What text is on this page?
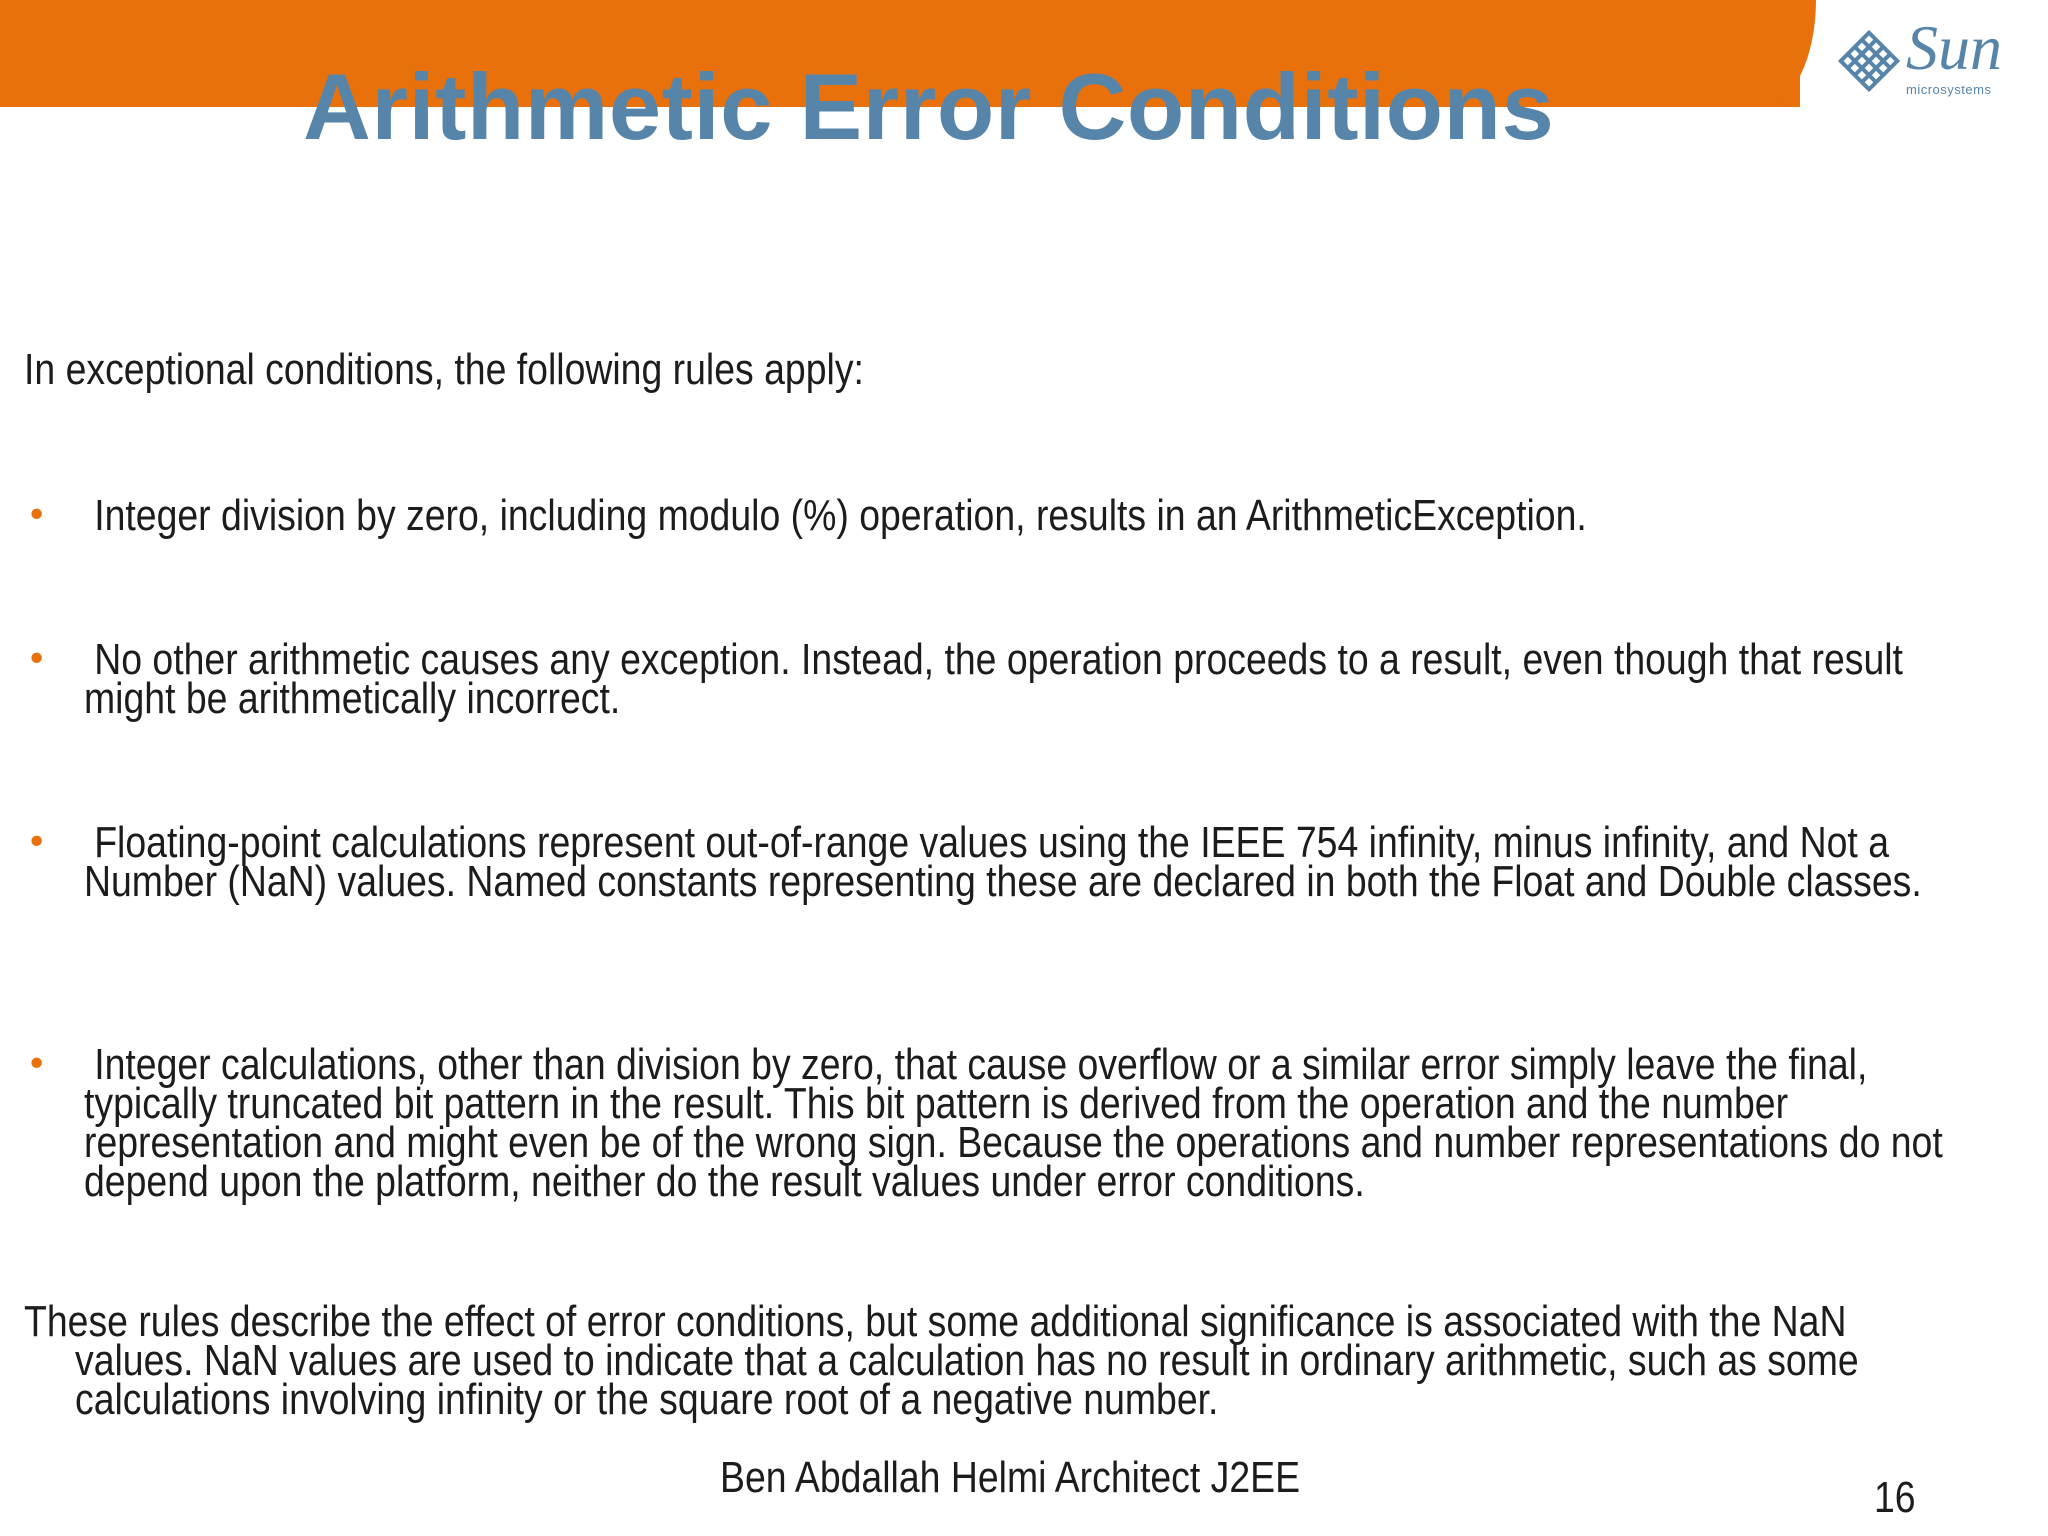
Arithmetic Error Conditions
Sun
microsystems

In exceptional conditions, the following rules apply:

• Integer division by zero, including modulo (%) operation, results in an ArithmeticException.

• No other arithmetic causes any exception. Instead, the operation proceeds to a result, even though that result might be arithmetically incorrect.

• Floating-point calculations represent out-of-range values using the IEEE 754 infinity, minus infinity, and Not a Number (NaN) values. Named constants representing these are declared in both the Float and Double classes.

• Integer calculations, other than division by zero, that cause overflow or a similar error simply leave the final, typically truncated bit pattern in the result. This bit pattern is derived from the operation and the number representation and might even be of the wrong sign. Because the operations and number representations do not depend upon the platform, neither do the result values under error conditions.

These rules describe the effect of error conditions, but some additional significance is associated with the NaN values. NaN values are used to indicate that a calculation has no result in ordinary arithmetic, such as some calculations involving infinity or the square root of a negative number.

Ben Abdallah Helmi Architect J2EE	16
